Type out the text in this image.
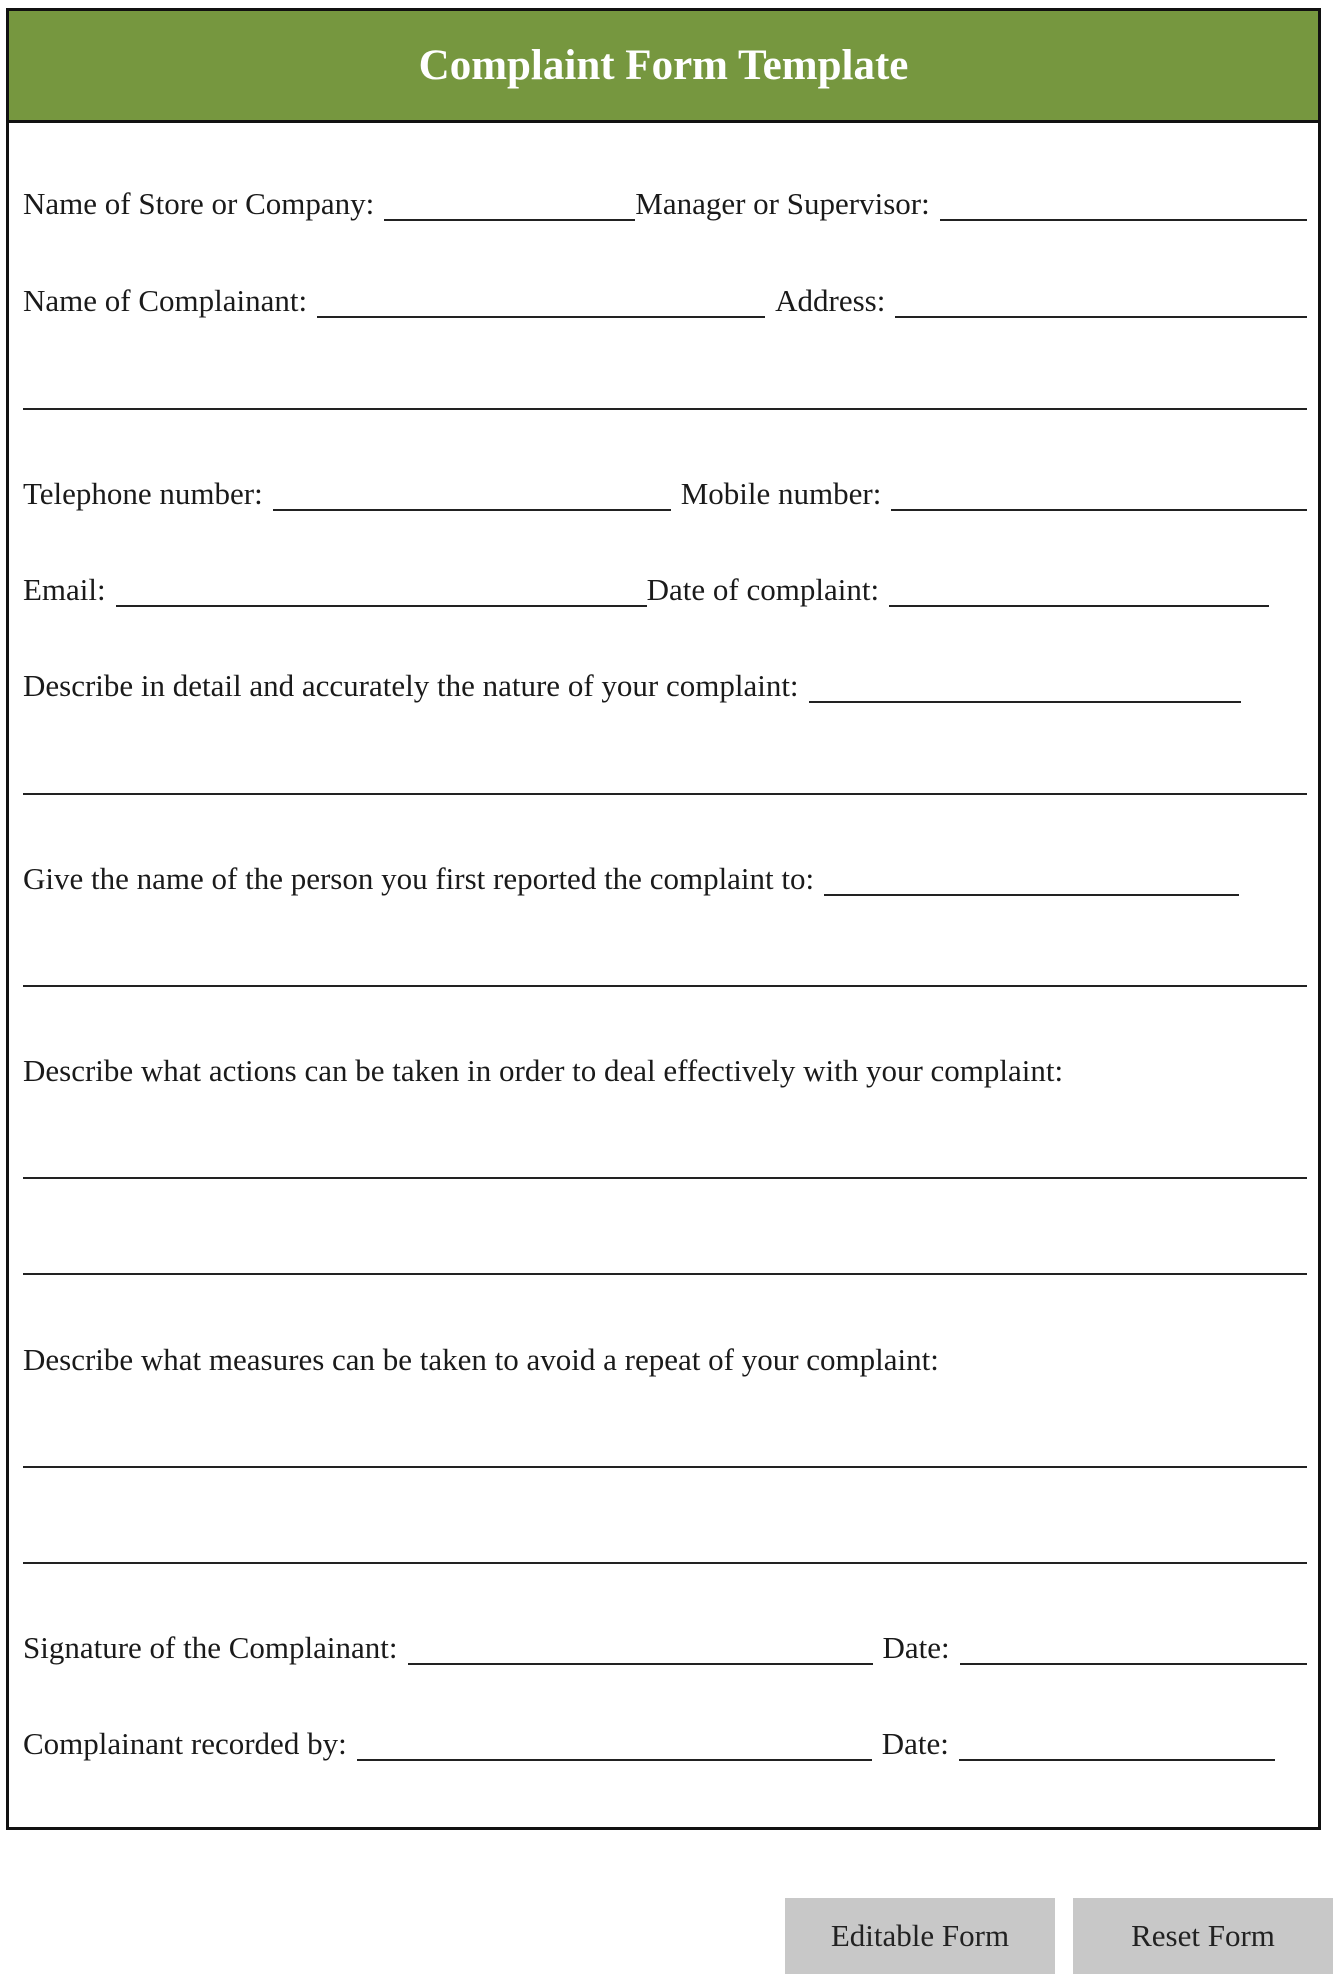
Complaint Form Template
Name of Store or Company:	Manager or Supervisor:
Name of Complainant:	Address:
Telephone number:	Mobile number:
Email:	Date of complaint:
Describe in detail and accurately the nature of your complaint:
Give the name of the person you first reported the complaint to:
Describe what actions can be taken in order to deal effectively with your complaint:
Describe what measures can be taken to avoid a repeat of your complaint:
Signature of the Complainant:	Date:
Complainant recorded by:	Date:
Editable Form	Reset Form
